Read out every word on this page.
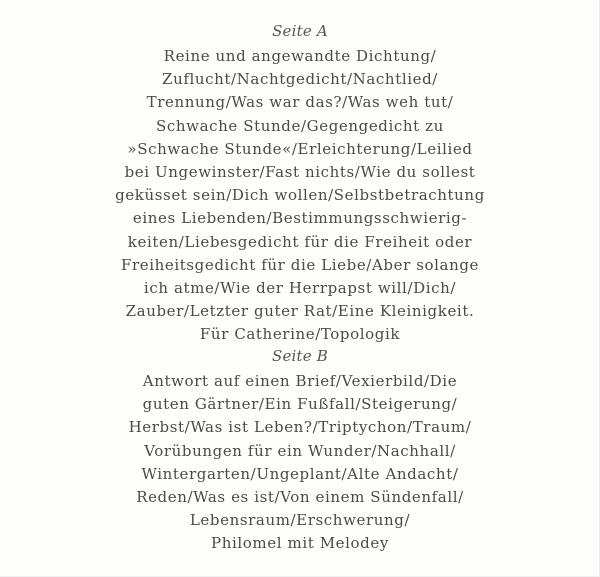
Seite A
Reine und angewandte Dichtung/
Zuflucht/Nachtgedicht/Nachtlied/
Trennung/Was war das?/Was weh tut/
Schwache Stunde/Gegengedicht zu
»Schwache Stunde«/Erleichterung/Leilied
bei Ungewinster/Fast nichts/Wie du sollest
geküsset sein/Dich wollen/Selbstbetrachtung
eines Liebenden/Bestimmungsschwierig-
keiten/Liebesgedicht für die Freiheit oder
Freiheitsgedicht für die Liebe/Aber solange
ich atme/Wie der Herrpapst will/Dich/
Zauber/Letzter guter Rat/Eine Kleinigkeit.
Für Catherine/Topologik
Seite B
Antwort auf einen Brief/Vexierbild/Die
guten Gärtner/Ein Fußfall/Steigerung/
Herbst/Was ist Leben?/Triptychon/Traum/
Vorübungen für ein Wunder/Nachhall/
Wintergarten/Ungeplant/Alte Andacht/
Reden/Was es ist/Von einem Sündenfall/
Lebensraum/Erschwerung/
Philomel mit Melodey
